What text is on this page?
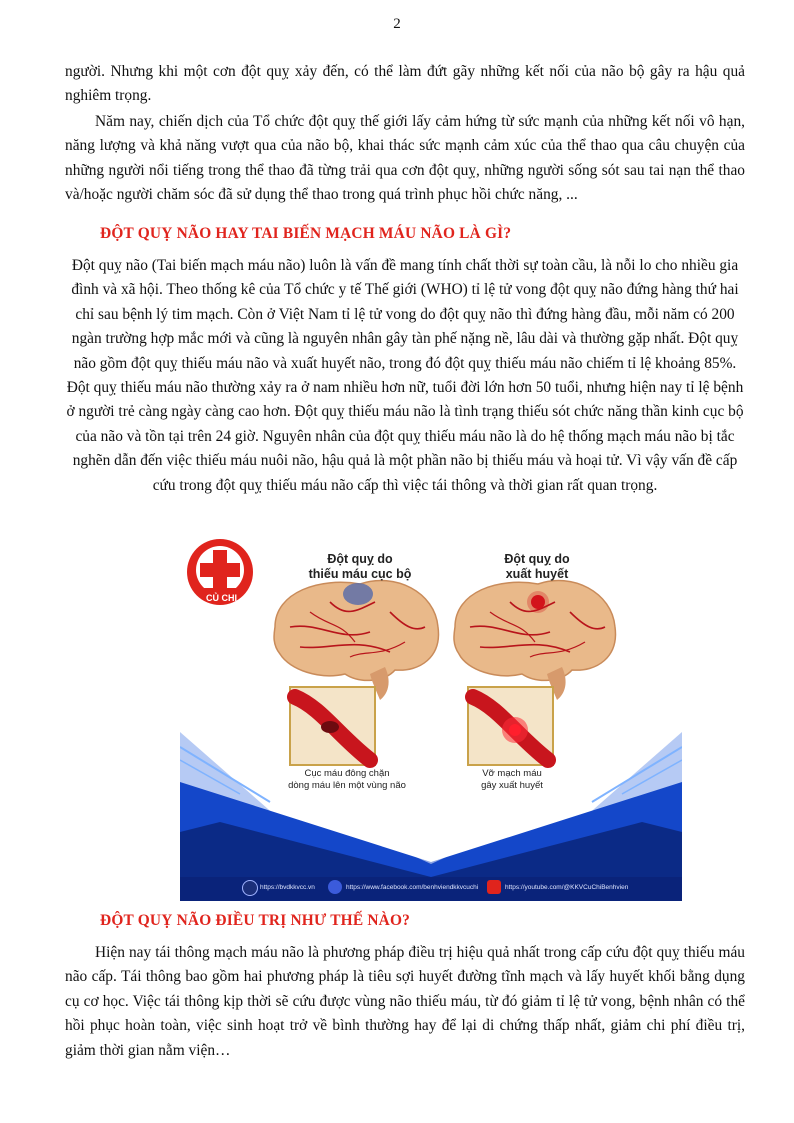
2
người. Nhưng khi một cơn đột quỵ xảy đến, có thể làm đứt gãy những kết nối của não bộ gây ra hậu quả nghiêm trọng.
Năm nay, chiến dịch của Tổ chức đột quỵ thế giới lấy cảm hứng từ sức mạnh của những kết nối vô hạn, năng lượng và khả năng vượt qua của não bộ, khai thác sức mạnh cảm xúc của thể thao qua câu chuyện của những người nổi tiếng trong thể thao đã từng trải qua cơn đột quỵ, những người sống sót sau tai nạn thể thao và/hoặc người chăm sóc đã sử dụng thể thao trong quá trình phục hồi chức năng, ...
ĐỘT QUỴ NÃO HAY TAI BIẾN MẠCH MÁU NÃO LÀ GÌ?
Đột quỵ não (Tai biến mạch máu não) luôn là vấn đề mang tính chất thời sự toàn cầu, là nỗi lo cho nhiều gia đình và xã hội. Theo thống kê của Tổ chức y tế Thế giới (WHO) tỉ lệ tử vong đột quỵ não đứng hàng thứ hai chỉ sau bệnh lý tim mạch. Còn ở Việt Nam tỉ lệ tử vong do đột quỵ não thì đứng hàng đầu, mỗi năm có 200 ngàn trường hợp mắc mới và cũng là nguyên nhân gây tàn phế nặng nề, lâu dài và thường gặp nhất. Đột quỵ não gồm đột quỵ thiếu máu não và xuất huyết não, trong đó đột quỵ thiếu máu não chiếm tỉ lệ khoảng 85%. Đột quỵ thiếu máu não thường xảy ra ở nam nhiều hơn nữ, tuổi đời lớn hơn 50 tuổi, nhưng hiện nay tỉ lệ bệnh ở người trẻ càng ngày càng cao hơn. Đột quỵ thiếu máu não là tình trạng thiếu sót chức năng thần kinh cục bộ của não và tồn tại trên 24 giờ. Nguyên nhân của đột quỵ thiếu máu não là do hệ thống mạch máu não bị tắc nghẽn dẫn đến việc thiếu máu nuôi não, hậu quả là một phần não bị thiếu máu và hoại tử. Vì vậy vấn đề cấp cứu trong đột quỵ thiếu máu não cấp thì việc tái thông và thời gian rất quan trọng.
CỦ CHI
Đột quỵ do
thiếu máu cục bộ
Đột quỵ do
xuất huyết
Cục máu đông chặn
dòng máu lên một vùng não
Vỡ mạch máu
gây xuất huyết
https://bvdkkvcc.vn	https://www.facebook.com/benhviendkkvcuchi	https://youtube.com/@KKVCuChiBenhvien
ĐỘT QUỴ NÃO ĐIỀU TRỊ NHƯ THẾ NÀO?
Hiện nay tái thông mạch máu não là phương pháp điều trị hiệu quả nhất trong cấp cứu đột quỵ thiếu máu não cấp. Tái thông bao gồm hai phương pháp là tiêu sợi huyết đường tĩnh mạch và lấy huyết khối bằng dụng cụ cơ học. Việc tái thông kịp thời sẽ cứu được vùng não thiếu máu, từ đó giảm tỉ lệ tử vong, bệnh nhân có thể hồi phục hoàn toàn, việc sinh hoạt trở về bình thường hay để lại di chứng thấp nhất, giảm chi phí điều trị, giảm thời gian nằm viện…
